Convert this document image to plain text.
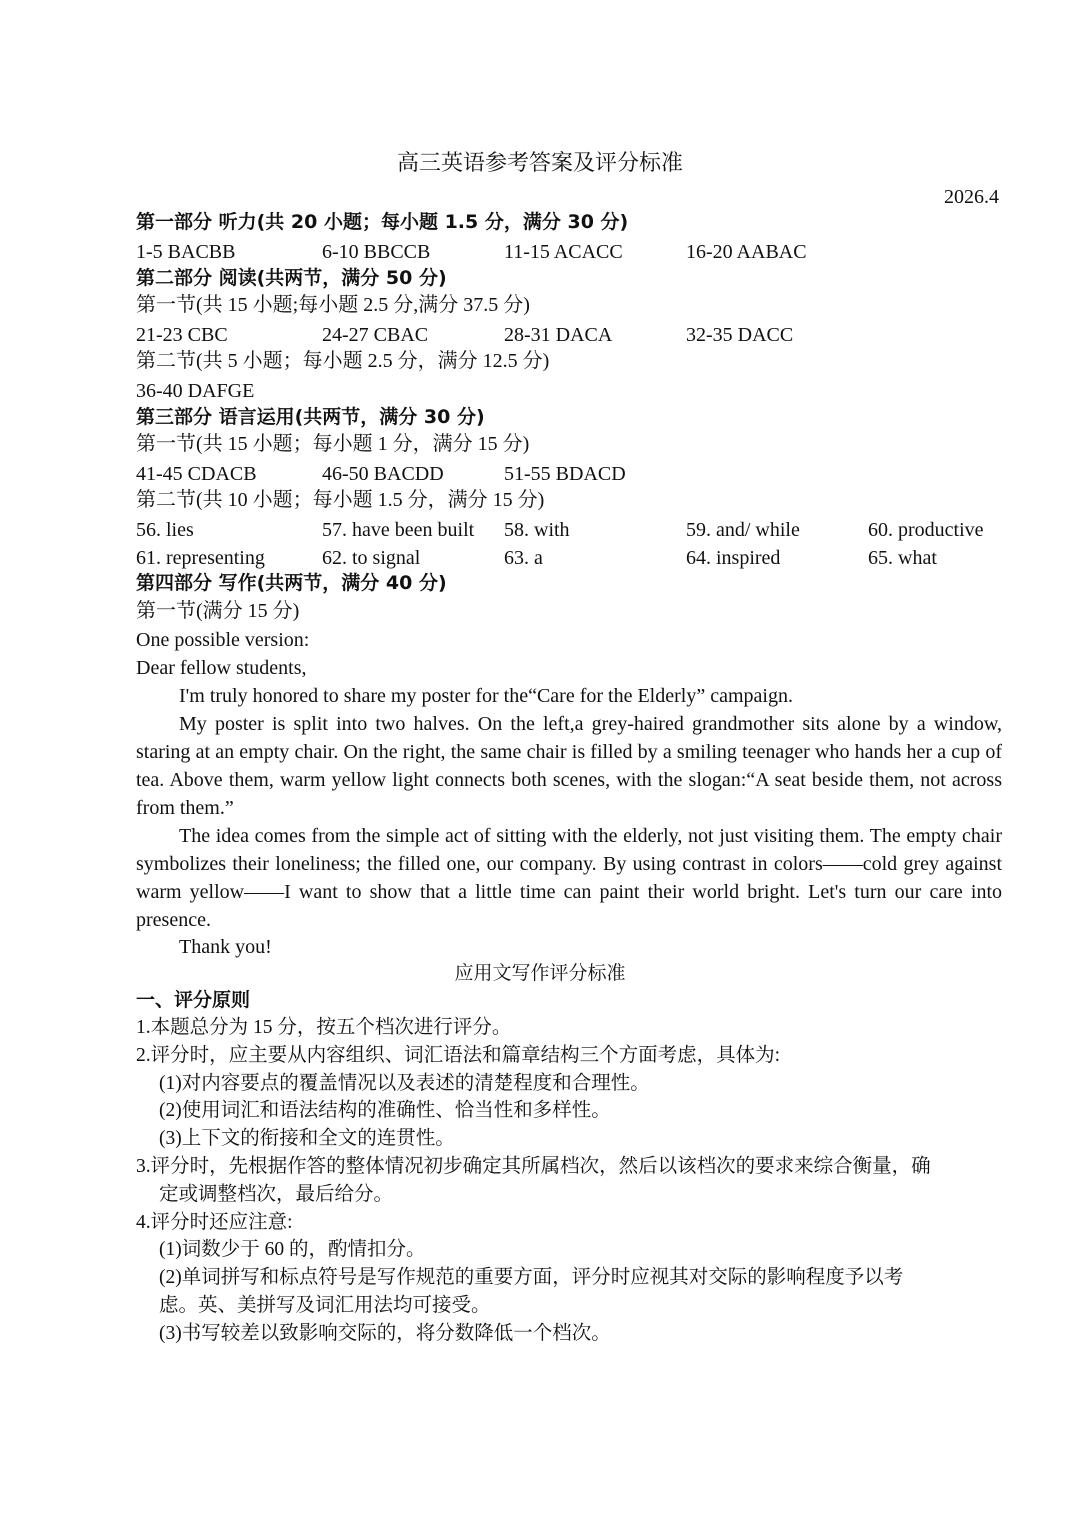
高三英语参考答案及评分标准
2026.4
第一部分 听力(共 20 小题；每小题 1.5 分，满分 30 分)
1-5 BACBB	6-10 BBCCB	11-15 ACACC	16-20 AABAC
第二部分 阅读(共两节，满分 50 分)
第一节(共 15 小题;每小题 2.5 分,满分 37.5 分)
21-23 CBC	24-27 CBAC	28-31 DACA	32-35 DACC
第二节(共 5 小题；每小题 2.5 分，满分 12.5 分)
36-40 DAFGE
第三部分 语言运用(共两节，满分 30 分)
第一节(共 15 小题；每小题 1 分，满分 15 分)
41-45 CDACB	46-50 BACDD	51-55 BDACD
第二节(共 10 小题；每小题 1.5 分，满分 15 分)
56. lies	57. have been built 58. with	59. and/ while	60. productive
61. representing	62. to signal	63. a	64. inspired	65. what
第四部分 写作(共两节，满分 40 分)
第一节(满分 15 分)
One possible version:
Dear fellow students,

I'm truly honored to share my poster for the“Care for the Elderly” campaign.

My poster is split into two halves. On the left,a grey-haired grandmother sits alone by a window, staring at an empty chair. On the right, the same chair is filled by a smiling teenager who hands her a cup of tea. Above them, warm yellow light connects both scenes, with the slogan:“A seat beside them, not across from them.”

The idea comes from the simple act of sitting with the elderly, not just visiting them. The empty chair symbolizes their loneliness; the filled one, our company. By using contrast in colors——cold grey against warm yellow——I want to show that a little time can paint their world bright. Let's turn our care into presence.

Thank you!
应用文写作评分标准
一、评分原则
1.本题总分为 15 分，按五个档次进行评分。
2.评分时，应主要从内容组织、词汇语法和篇章结构三个方面考虑，具体为:
(1)对内容要点的覆盖情况以及表述的清楚程度和合理性。
(2)使用词汇和语法结构的准确性、恰当性和多样性。
(3)上下文的衔接和全文的连贯性。
3.评分时，先根据作答的整体情况初步确定其所属档次，然后以该档次的要求来综合衡量，确
定或调整档次，最后给分。
4.评分时还应注意:
(1)词数少于 60 的，酌情扣分。
(2)单词拼写和标点符号是写作规范的重要方面，评分时应视其对交际的影响程度予以考
虑。英、美拼写及词汇用法均可接受。
(3)书写较差以致影响交际的，将分数降低一个档次。
